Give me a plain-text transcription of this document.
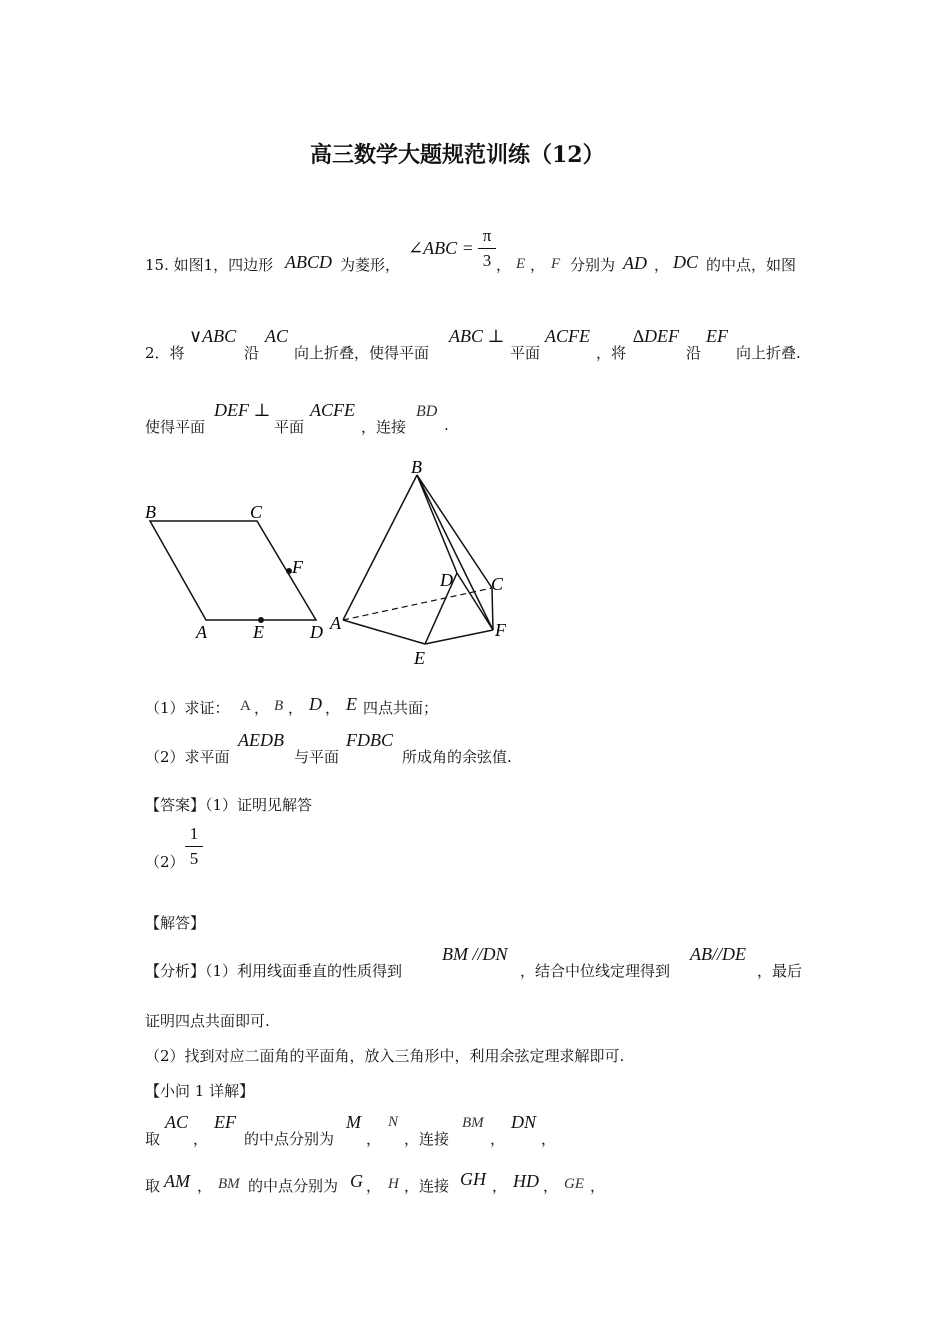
高三数学大题规范训练（12）
15. 如图1，四边形 ABCD 为菱形，
∠ABC =
π
3 ， E ， F 分别为 AD ， DC 的中点，如图
2．将
∨ABC
沿
AC
向上折叠，使得平面
ABC ⊥
平面
ACFE
，将
∆DEF
沿
EF
向上折叠.
使得平面
DEF ⊥
平面
ACFE
，连接
BD
.
B	C
F
A	E	D
B
D C
A	F
E
（1）求证： A ， B ， D ， E 四点共面；
（2）求平面
AEDB
与平面
FDBC
所成角的余弦值.
【答案】（1）证明见解答
（2）
1
5
【解答】
【分析】（1）利用线面垂直的性质得到
BM //DN
，结合中位线定理得到
AB//DE
，最后
证明四点共面即可.
（2）找到对应二面角的平面角，放入三角形中，利用余弦定理求解即可.
【小问 1 详解】
取
AC
，
EF
的中点分别为
M
，
N
，连接
BM
，
DN
，
取 AM ， BM 的中点分别为 G ， H ，连接 GH ， HD ， GE ，
